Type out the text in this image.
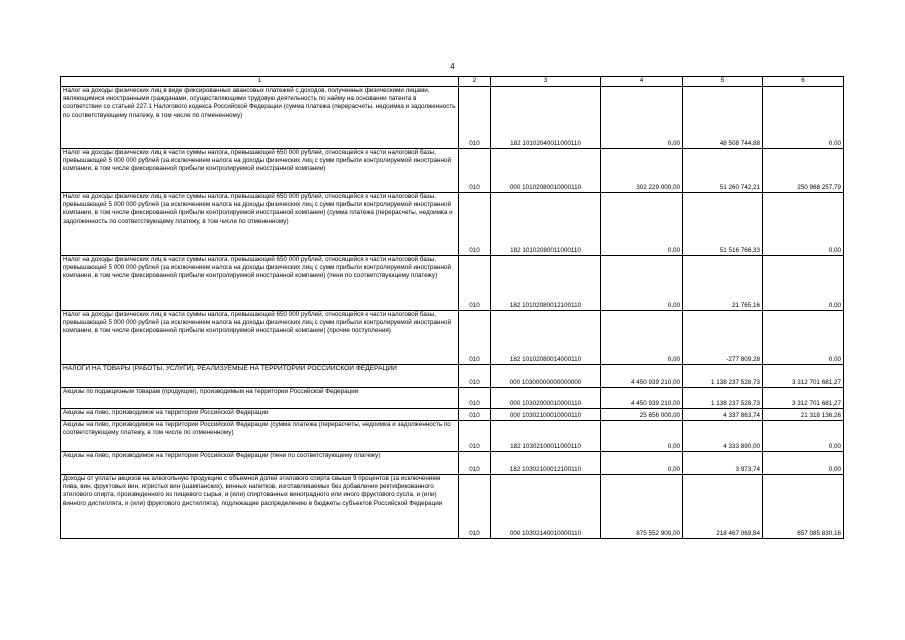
4
1	2	3	4	5	6
Налог на доходы физических лиц в виде фиксированных авансовых платежей с доходов, полученных физическими лицами, являющимися иностранными гражданами, осуществляющими трудовую деятельность по найму на основании патента в соответствии со статьей 227.1 Налогового кодекса Российской Федерации (сумма платежа (перерасчеты, недоимка и задолженность по соответствующему платежу, в том числе по отмененному)	010	182 10102040011000110	0,00	48 508 744,88	0,00
Налог на доходы физических лиц в части суммы налога, превышающей 650 000 рублей, относящейся к части налоговой базы, превышающей 5 000 000 рублей (за исключением налога на доходы физических лиц с сумм прибыли контролируемой иностранной компании, в том числе фиксированной прибыли контролируемой иностранной компании)	010	000 10102080010000110	302 229 000,00	51 260 742,21	250 968 257,79
Налог на доходы физических лиц в части суммы налога, превышающей 650 000 рублей, относящейся к части налоговой базы, превышающей 5 000 000 рублей (за исключением налога на доходы физических лиц с сумм прибыли контролируемой иностранной компании, в том числе фиксированной прибыли контролируемой иностранной компании) (сумма платежа (перерасчеты, недоимка и задолженность по соответствующему платежу, в том числе по отмененному)	010	182 10102080011000110	0,00	51 516 766,33	0,00
Налог на доходы физических лиц в части суммы налога, превышающей 650 000 рублей, относящейся к части налоговой базы, превышающей 5 000 000 рублей (за исключением налога на доходы физических лиц с сумм прибыли контролируемой иностранной компании, в том числе фиксированной прибыли контролируемой иностранной компании) (пени по соответствующему платежу)	010	182 10102080012100110	0,00	21 765,16	0,00
Налог на доходы физических лиц в части суммы налога, превышающей 650 000 рублей, относящейся к части налоговой базы, превышающей 5 000 000 рублей (за исключением налога на доходы физических лиц с сумм прибыли контролируемой иностранной компании, в том числе фиксированной прибыли контролируемой иностранной компании) (прочие поступления)	010	182 10102080014000110	0,00	-277 809,28	0,00
НАЛОГИ НА ТОВАРЫ (РАБОТЫ, УСЛУГИ), РЕАЛИЗУЕМЫЕ НА ТЕРРИТОРИИ РОССИЙСКОЙ ФЕДЕРАЦИИ	010	000 10300000000000000	4 450 939 210,00	1 138 237 528,73	3 312 701 681,27
Акцизы по подакцизным товарам (продукции), производимым на территории Российской Федерации	010	000 10302000010000110	4 450 939 210,00	1 138 237 528,73	3 312 701 681,27
Акцизы на пиво, производимое на территории Российской Федерации	010	000 10302100010000110	25 656 000,00	4 337 863,74	21 318 136,26
Акцизы на пиво, производимое на территории Российской Федерации (сумма платежа (перерасчеты, недоимка и задолженность по соответствующему платежу, в том числе по отмененному)	010	182 10302100011000110	0,00	4 333 890,00	0,00
Акцизы на пиво, производимое на территории Российской Федерации (пени по соответствующему платежу)	010	182 10302100012100110	0,00	3 973,74	0,00
Доходы от уплаты акцизов на алкогольную продукцию с объемной долей этилового спирта свыше 9 процентов (за исключением пива, вин, фруктовых вин, игристых вин (шампанских), винных напитков, изготавливаемых без добавления ректификованного этилового спирта, произведенного из пищевого сырья, и (или) спиртованных виноградного или иного фруктового сусла, и (или) винного дистиллята, и (или) фруктового дистиллята), подлежащие распределению в бюджеты субъектов Российской Федерации	010	000 10302140010000110	875 552 900,00	218 467 069,84	657 085 830,16
